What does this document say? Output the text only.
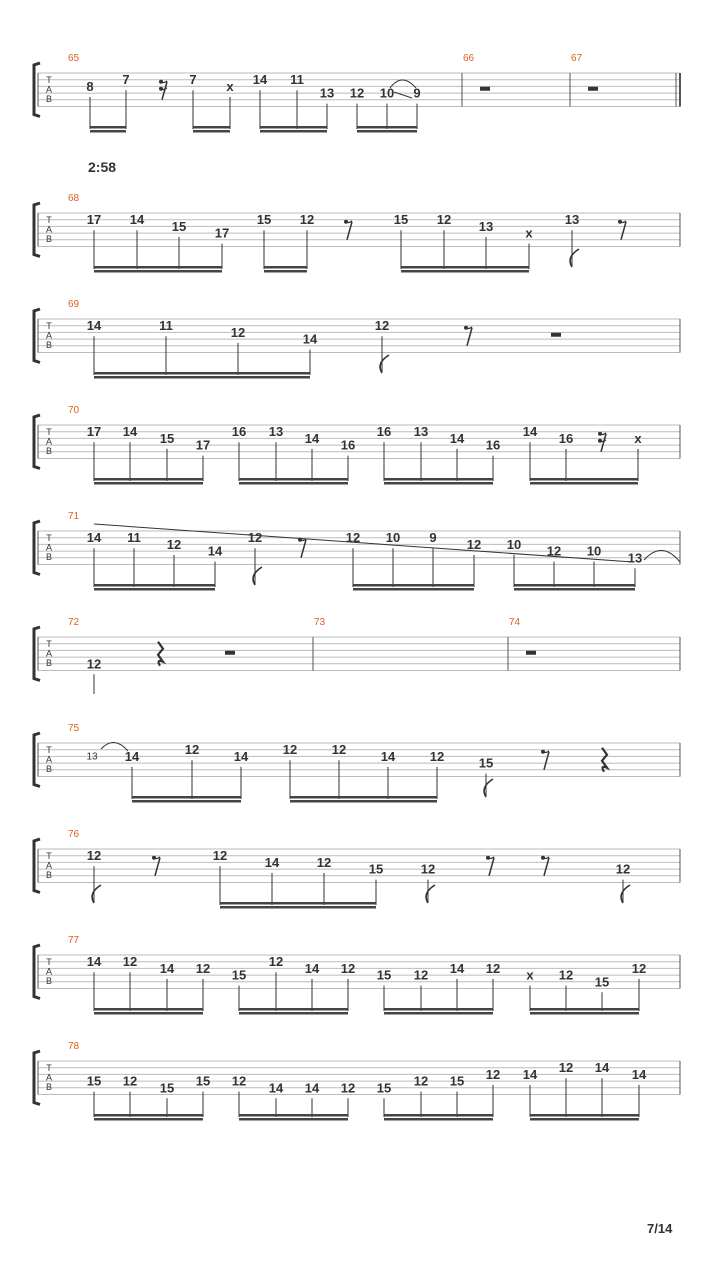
T
A
B
65	66	67
8 7	7 x 14 11
13 12 10 9
T
A
B
68
17 14 15 17
15 12	15 12 13 x
13
T
A
B
69
14	11	12	14
12
T
A
B
70
17 14 15 17
16 13 14 16
16 13 14 16
14 16	x
T
A
B
71
14 11 12 14
12	12 10 9 12 10 12 10 13
T
A
B
72	73	74
12
T
A
B
75
14	12	14	12	12	14	12	15
13
T
A
B
76
12	12	14	12	15	12	12
T
A
B
77
14 12 14 12 15
12 14 12 15 12 14 12 x 12 15
12
T
A
B
78
15 12 15 15 12 14 14 12 15 12 15 12 14 12 14 14
2:58
7/14
